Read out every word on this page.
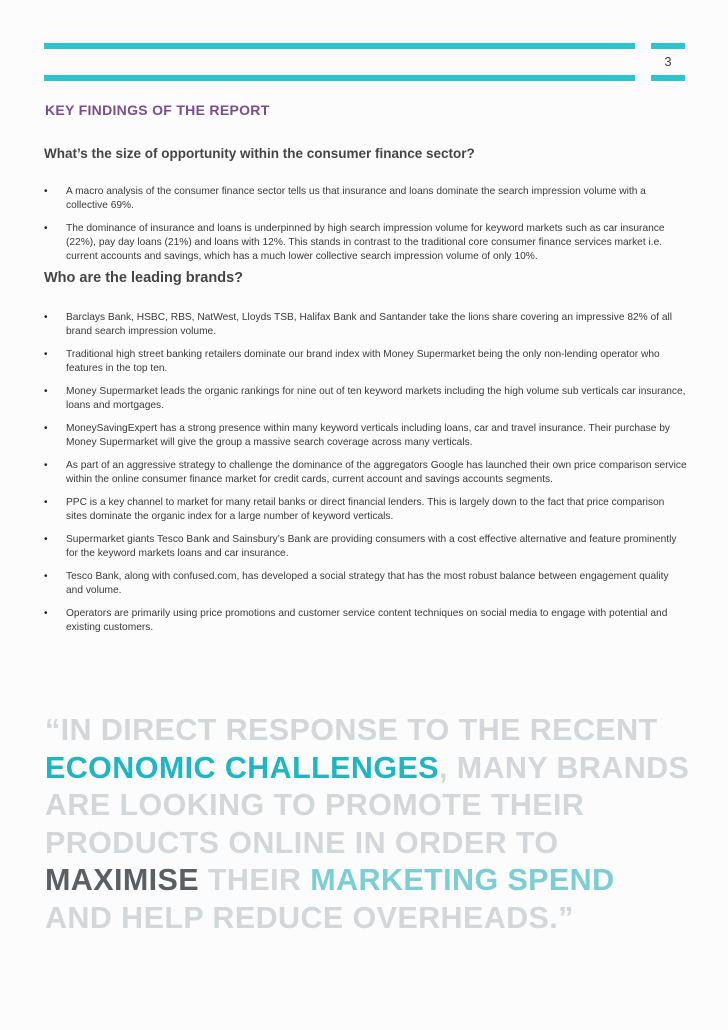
3
KEY FINDINGS OF THE REPORT
What’s the size of opportunity within the consumer finance sector?
• A macro analysis of the consumer finance sector tells us that insurance and loans dominate the search impression volume with a collective 69%.
• The dominance of insurance and loans is underpinned by high search impression volume for keyword markets such as car insurance (22%), pay day loans (21%) and loans with 12%. This stands in contrast to the traditional core consumer finance services market i.e. current accounts and savings, which has a much lower collective search impression volume of only 10%.
Who are the leading brands?
• Barclays Bank, HSBC, RBS, NatWest, Lloyds TSB, Halifax Bank and Santander take the lions share covering an impressive 82% of all brand search impression volume.
• Traditional high street banking retailers dominate our brand index with Money Supermarket being the only non-lending operator who features in the top ten.
• Money Supermarket leads the organic rankings for nine out of ten keyword markets including the high volume sub verticals car insurance, loans and mortgages.
• MoneySavingExpert has a strong presence within many keyword verticals including loans, car and travel insurance. Their purchase by Money Supermarket will give the group a massive search coverage across many verticals.
• As part of an aggressive strategy to challenge the dominance of the aggregators Google has launched their own price comparison service within the online consumer finance market for credit cards, current account and savings accounts segments.
• PPC is a key channel to market for many retail banks or direct financial lenders. This is largely down to the fact that price comparison sites dominate the organic index for a large number of keyword verticals.
• Supermarket giants Tesco Bank and Sainsbury’s Bank are providing consumers with a cost effective alternative and feature prominently for the keyword markets loans and car insurance.
• Tesco Bank, along with confused.com, has developed a social strategy that has the most robust balance between engagement quality and volume.
• Operators are primarily using price promotions and customer service content techniques on social media to engage with potential and existing customers.
“IN DIRECT RESPONSE TO THE RECENT
ECONOMIC CHALLENGES, MANY BRANDS
ARE LOOKING TO PROMOTE THEIR
PRODUCTS ONLINE IN ORDER TO
MAXIMISE THEIR MARKETING SPEND
AND HELP REDUCE OVERHEADS.”
